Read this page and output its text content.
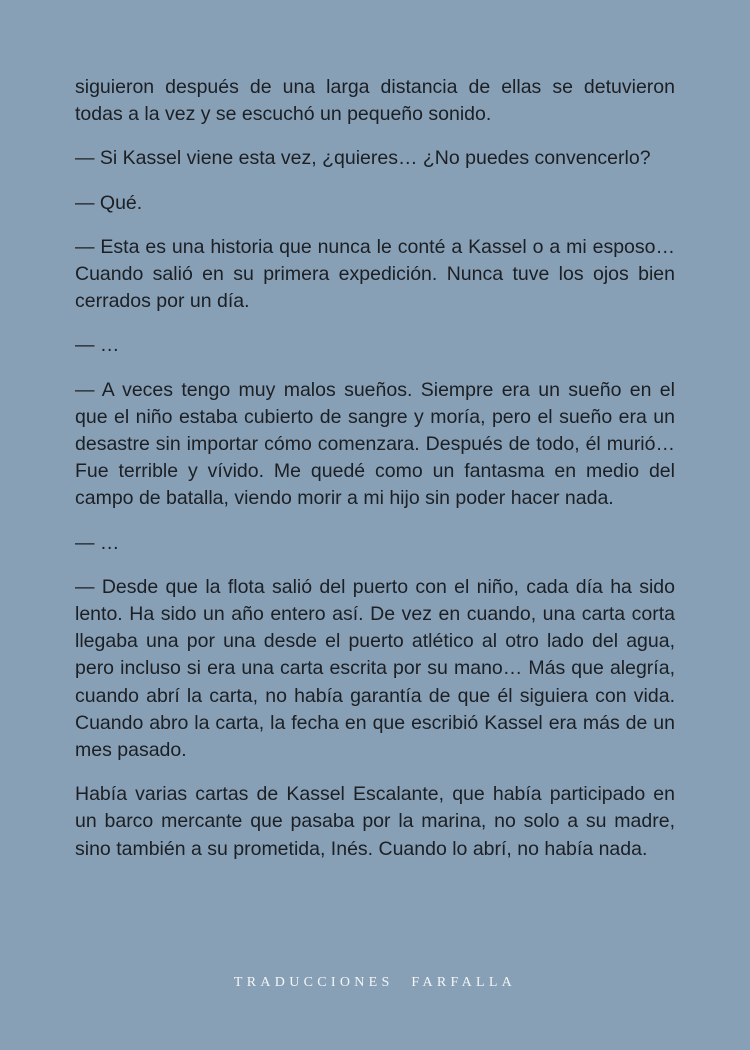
siguieron después de una larga distancia de ellas se detuvieron todas a la vez y se escuchó un pequeño sonido.

— Si Kassel viene esta vez, ¿quieres… ¿No puedes convencerlo?

— Qué.

— Esta es una historia que nunca le conté a Kassel o a mi esposo… Cuando salió en su primera expedición. Nunca tuve los ojos bien cerrados por un día.

— …

— A veces tengo muy malos sueños. Siempre era un sueño en el que el niño estaba cubierto de sangre y moría, pero el sueño era un desastre sin importar cómo comenzara. Después de todo, él murió… Fue terrible y vívido. Me quedé como un fantasma en medio del campo de batalla, viendo morir a mi hijo sin poder hacer nada.

— …

— Desde que la flota salió del puerto con el niño, cada día ha sido lento. Ha sido un año entero así. De vez en cuando, una carta corta llegaba una por una desde el puerto atlético al otro lado del agua, pero incluso si era una carta escrita por su mano… Más que alegría, cuando abrí la carta, no había garantía de que él siguiera con vida. Cuando abro la carta, la fecha en que escribió Kassel era más de un mes pasado.

Había varias cartas de Kassel Escalante, que había participado en un barco mercante que pasaba por la marina, no solo a su madre, sino también a su prometida, Inés. Cuando lo abrí, no había nada.

TRADUCCIONES FARFALLA
